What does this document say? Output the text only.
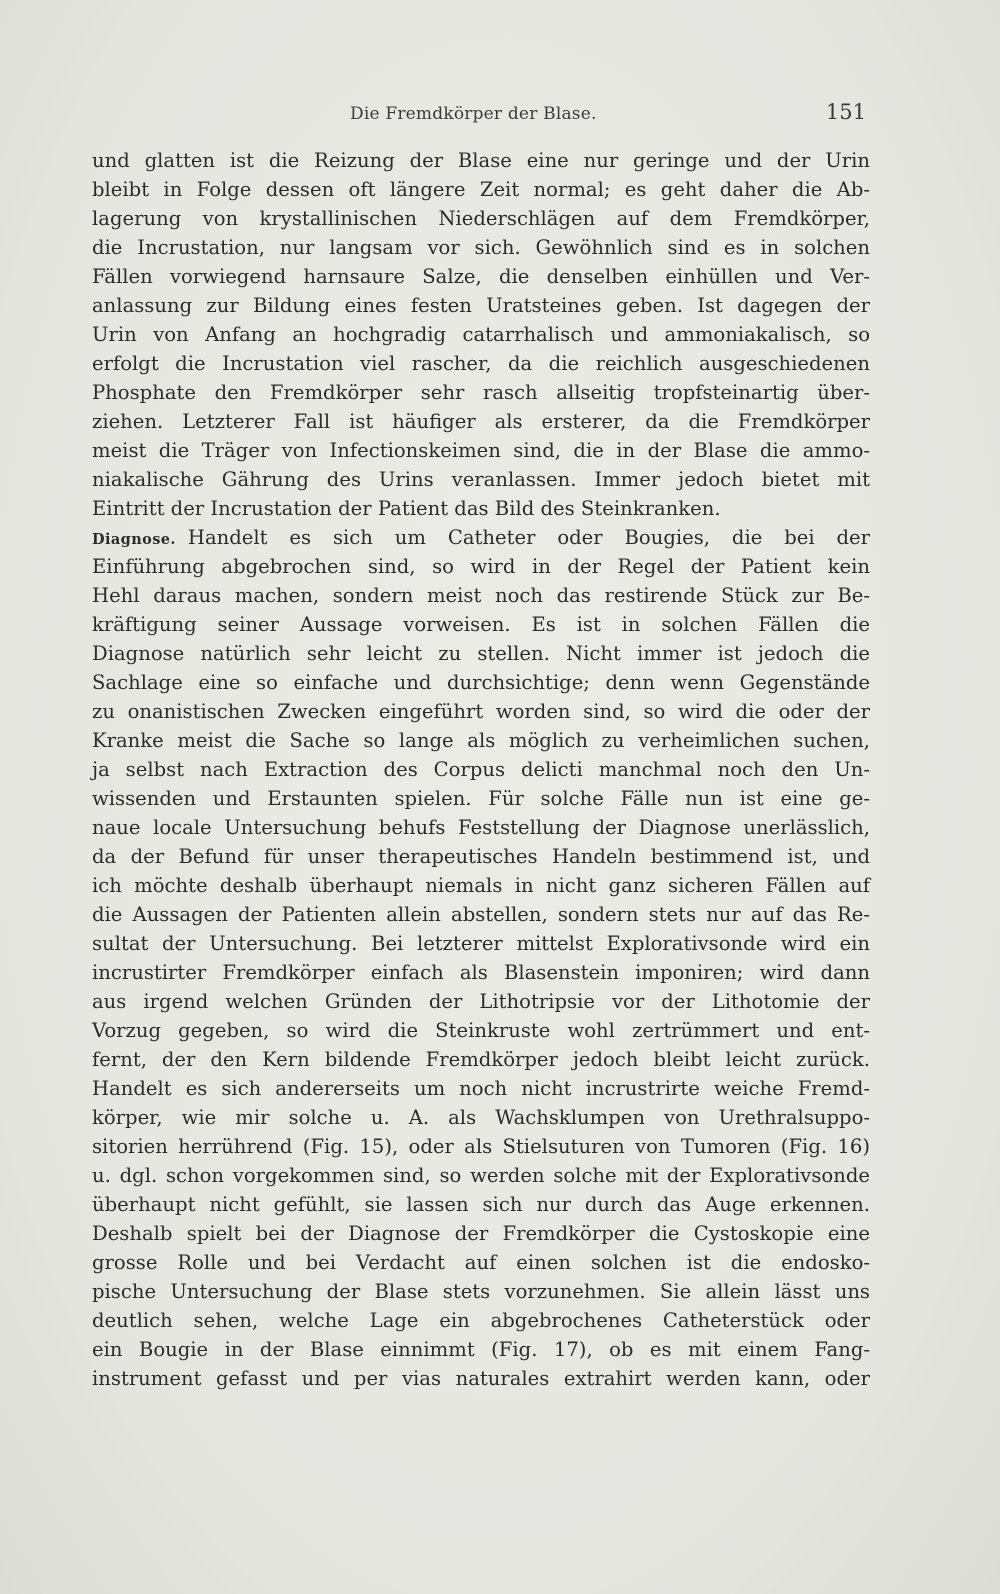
Die Fremdkörper der Blase.	151
und glatten ist die Reizung der Blase eine nur geringe und der Urin
bleibt in Folge dessen oft längere Zeit normal; es geht daher die Ab-
lagerung von krystallinischen Niederschlägen auf dem Fremdkörper,
die Incrustation, nur langsam vor sich. Gewöhnlich sind es in solchen
Fällen vorwiegend harnsaure Salze, die denselben einhüllen und Ver-
anlassung zur Bildung eines festen Uratsteines geben. Ist dagegen der
Urin von Anfang an hochgradig catarrhalisch und ammoniakalisch, so
erfolgt die Incrustation viel rascher, da die reichlich ausgeschiedenen
Phosphate den Fremdkörper sehr rasch allseitig tropfsteinartig über-
ziehen. Letzterer Fall ist häufiger als ersterer, da die Fremdkörper
meist die Träger von Infectionskeimen sind, die in der Blase die ammo-
niakalische Gährung des Urins veranlassen. Immer jedoch bietet mit
Eintritt der Incrustation der Patient das Bild des Steinkranken.
Diagnose. Handelt es sich um Catheter oder Bougies, die bei der
Einführung abgebrochen sind, so wird in der Regel der Patient kein
Hehl daraus machen, sondern meist noch das restirende Stück zur Be-
kräftigung seiner Aussage vorweisen. Es ist in solchen Fällen die
Diagnose natürlich sehr leicht zu stellen. Nicht immer ist jedoch die
Sachlage eine so einfache und durchsichtige; denn wenn Gegenstände
zu onanistischen Zwecken eingeführt worden sind, so wird die oder der
Kranke meist die Sache so lange als möglich zu verheimlichen suchen,
ja selbst nach Extraction des Corpus delicti manchmal noch den Un-
wissenden und Erstaunten spielen. Für solche Fälle nun ist eine ge-
naue locale Untersuchung behufs Feststellung der Diagnose unerlässlich,
da der Befund für unser therapeutisches Handeln bestimmend ist, und
ich möchte deshalb überhaupt niemals in nicht ganz sicheren Fällen auf
die Aussagen der Patienten allein abstellen, sondern stets nur auf das Re-
sultat der Untersuchung. Bei letzterer mittelst Explorativsonde wird ein
incrustirter Fremdkörper einfach als Blasenstein imponiren; wird dann
aus irgend welchen Gründen der Lithotripsie vor der Lithotomie der
Vorzug gegeben, so wird die Steinkruste wohl zertrümmert und ent-
fernt, der den Kern bildende Fremdkörper jedoch bleibt leicht zurück.
Handelt es sich andererseits um noch nicht incrustrirte weiche Fremd-
körper, wie mir solche u. A. als Wachsklumpen von Urethralsuppo-
sitorien herrührend (Fig. 15), oder als Stielsuturen von Tumoren (Fig. 16)
u. dgl. schon vorgekommen sind, so werden solche mit der Explorativsonde
überhaupt nicht gefühlt, sie lassen sich nur durch das Auge erkennen.
Deshalb spielt bei der Diagnose der Fremdkörper die Cystoskopie eine
grosse Rolle und bei Verdacht auf einen solchen ist die endosko-
pische Untersuchung der Blase stets vorzunehmen. Sie allein lässt uns
deutlich sehen, welche Lage ein abgebrochenes Catheterstück oder
ein Bougie in der Blase einnimmt (Fig. 17), ob es mit einem Fang-
instrument gefasst und per vias naturales extrahirt werden kann, oder
